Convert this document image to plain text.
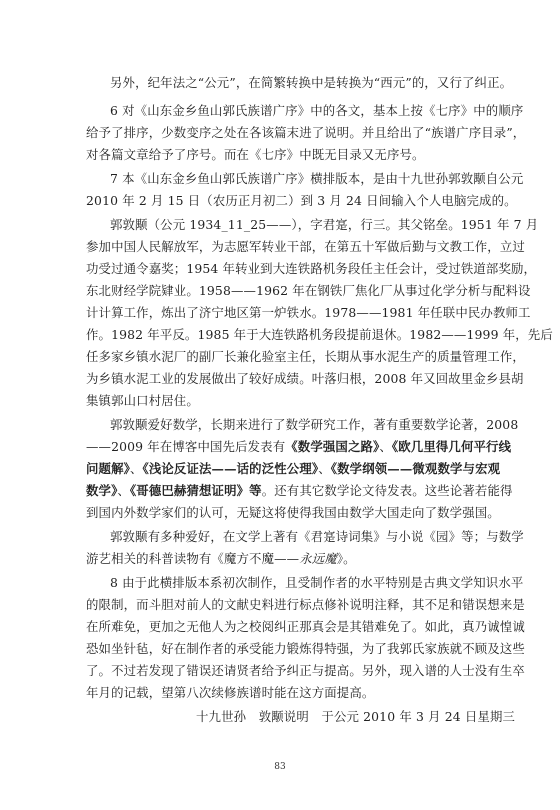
另外，纪年法之“公元”，在简繁转换中是转换为“西元”的，又行了纠正。
6 对《山东金乡鱼山郭氏族谱广序》中的各文，基本上按《七序》中的顺序
给予了排序，少数变序之处在各该篇末进了说明。并且给出了“族谱广序目录”，
对各篇文章给予了序号。而在《七序》中既无目录又无序号。
7 本《山东金乡鱼山郭氏族谱广序》横排版本，是由十九世孙郭敦颙自公元
2010 年 2 月 15 日（农历正月初二）到 3 月 24 日间输入个人电脑完成的。
郭敦颙（公元 1934_11_25——），字君寔，行三。其父铭垒。1951 年 7 月
参加中国人民解放军，为志愿军转业干部，在第五十军做后勤与文教工作，立过
功受过通令嘉奖；1954 年转业到大连铁路机务段任主任会计，受过铁道部奖励，
东北财经学院肄业。1958——1962 年在钢铁厂焦化厂从事过化学分析与配料设
计计算工作，炼出了济宁地区第一炉铁水。1978——1981 年任联中民办教师工
作。1982 年平反。1985 年于大连铁路机务段提前退休。1982——1999 年，先后
任多家乡镇水泥厂的副厂长兼化验室主任，长期从事水泥生产的质量管理工作，
为乡镇水泥工业的发展做出了较好成绩。叶落归根，2008 年又回故里金乡县胡
集镇郭山口村居住。
郭敦颙爱好数学，长期来进行了数学研究工作，著有重要数学论著，2008
——2009 年在博客中国先后发表有《数学强国之路》、《欧几里得几何平行线
问题解》、《浅论反证法——话的泛性公理》、《数学纲领——微观数学与宏观
数学》、《哥德巴赫猜想证明》等。还有其它数学论文待发表。这些论著若能得
到国内外数学家们的认可，无疑这将使得我国由数学大国走向了数学强国。
郭敦颙有多种爱好，在文学上著有《君寔诗词集》与小说《园》等；与数学
游艺相关的科普读物有《魔方不魔——永远魔》。
8 由于此横排版本系初次制作，且受制作者的水平特别是古典文学知识水平
的限制，而斗胆对前人的文献史料进行标点修补说明注释，其不足和错误想来是
在所难免，更加之无他人为之校阅纠正那真会是其错难免了。如此，真乃诚惶诚
恐如坐针毡，好在制作者的承受能力锻炼得特强，为了我郭氏家族就不顾及这些
了。不过若发现了错误还请贤者给予纠正与提高。另外，现入谱的人士没有生卒
年月的记载，望第八次续修族谱时能在这方面提高。
十九世孙　敦颙说明　于公元 2010 年 3 月 24 日星期三
83
